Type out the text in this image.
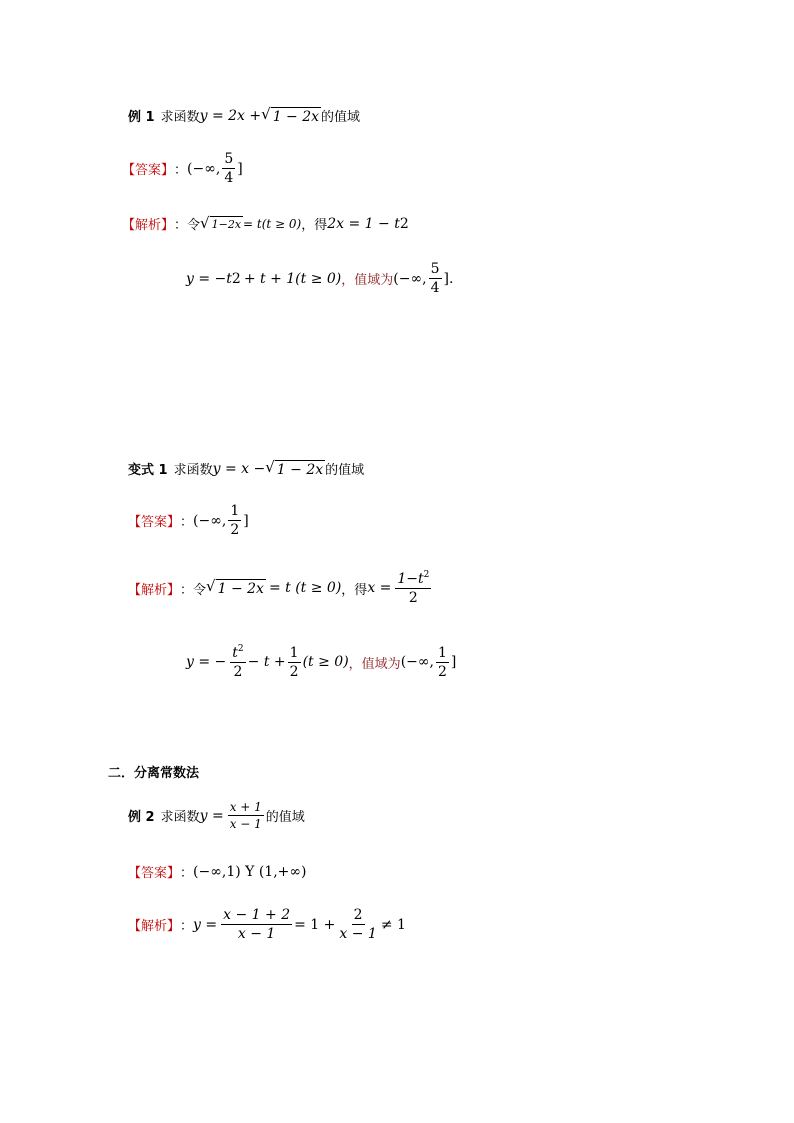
例 1 求函数 y = 2x + √ 1 − 2x 的值域
【答案】 ： (−∞, $\frac{5}{4}$ ]
【解析】 ： 令 √ 1−2x = t(t ≥ 0) ，得 2x = 1 − t 2
y = −t 2 + t + 1(t ≥ 0) ，值域为 (−∞, $\frac{5}{4}$ ].
变式 1 求函数 y = x − √ 1 − 2x 的值域
【答案】 ： (−∞, $\frac{1}{2}$ ]
【解析】 ：令 √ 1 − 2x = t (t ≥ 0) ，得 $x = \frac{1-t^2}{2}$
y = − $\frac{t^2}{2} - t + \frac{1}{2} (t \ge 0)$ ，值域为 (−∞, $\frac{1}{2}$ ]
二．分离常数法
例 2 求函数 $y = \frac{x + 1}{x - 1}$ 的值域
【答案】 ： (−∞,1) Y (1,+∞)
【解析】 ： $y = \frac{x - 1 + 2}{x - 1} = 1 + \frac{2}{x - 1} \ne 1$
